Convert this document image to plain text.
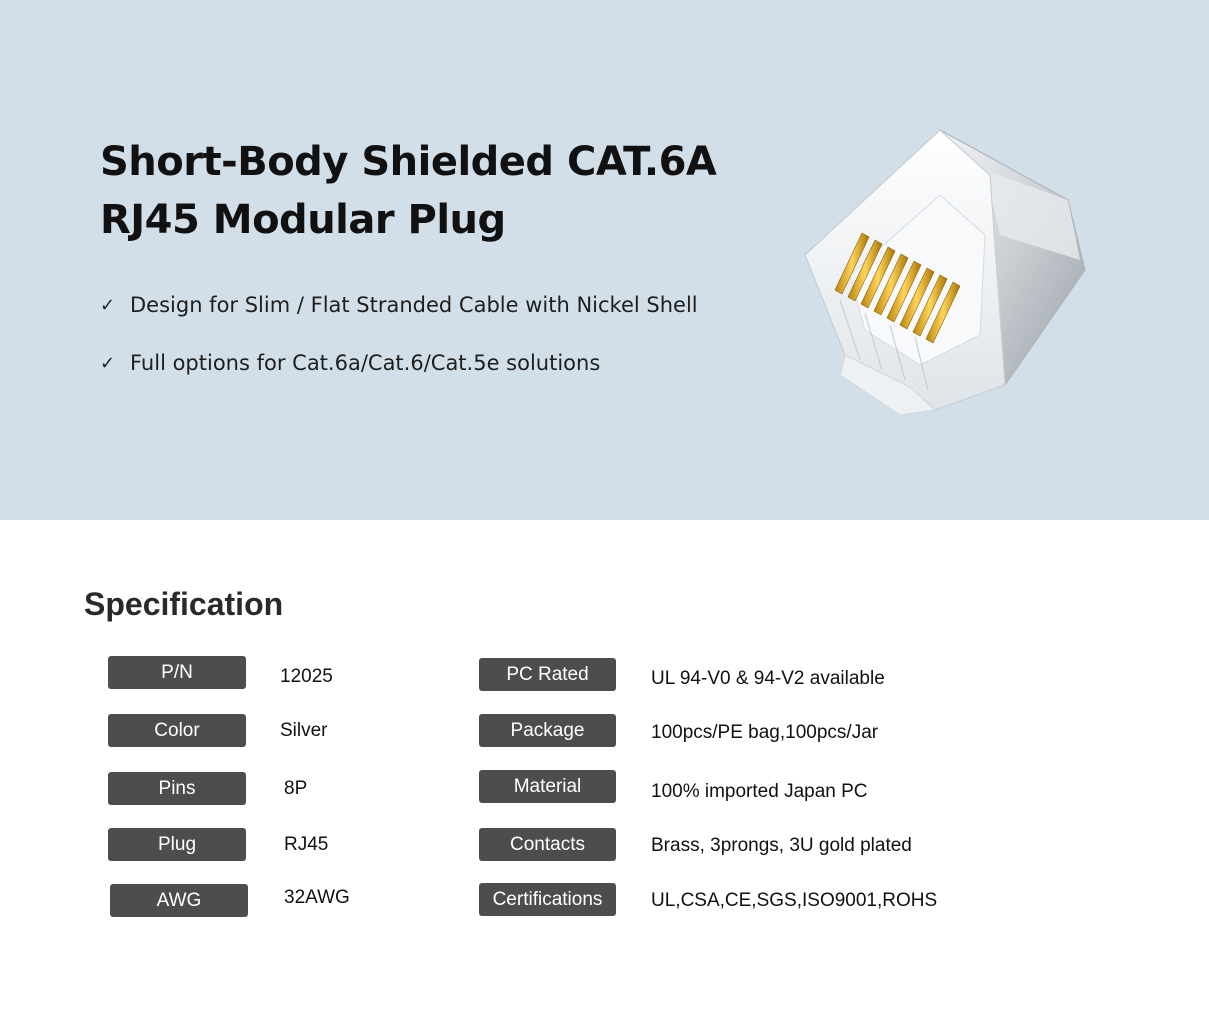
Short-Body Shielded CAT.6A
RJ45 Modular Plug
✓ Design for Slim / Flat Stranded Cable with Nickel Shell
✓ Full options for Cat.6a/Cat.6/Cat.5e solutions
Specification
P/N	12025
Color	Silver
Pins	8P
Plug	RJ45
AWG	32AWG
PC Rated	UL 94-V0 & 94-V2 available
Package	100pcs/PE bag,100pcs/Jar
Material	100% imported Japan PC
Contacts	Brass, 3prongs, 3U gold plated
Certifications	UL,CSA,CE,SGS,ISO9001,ROHS
